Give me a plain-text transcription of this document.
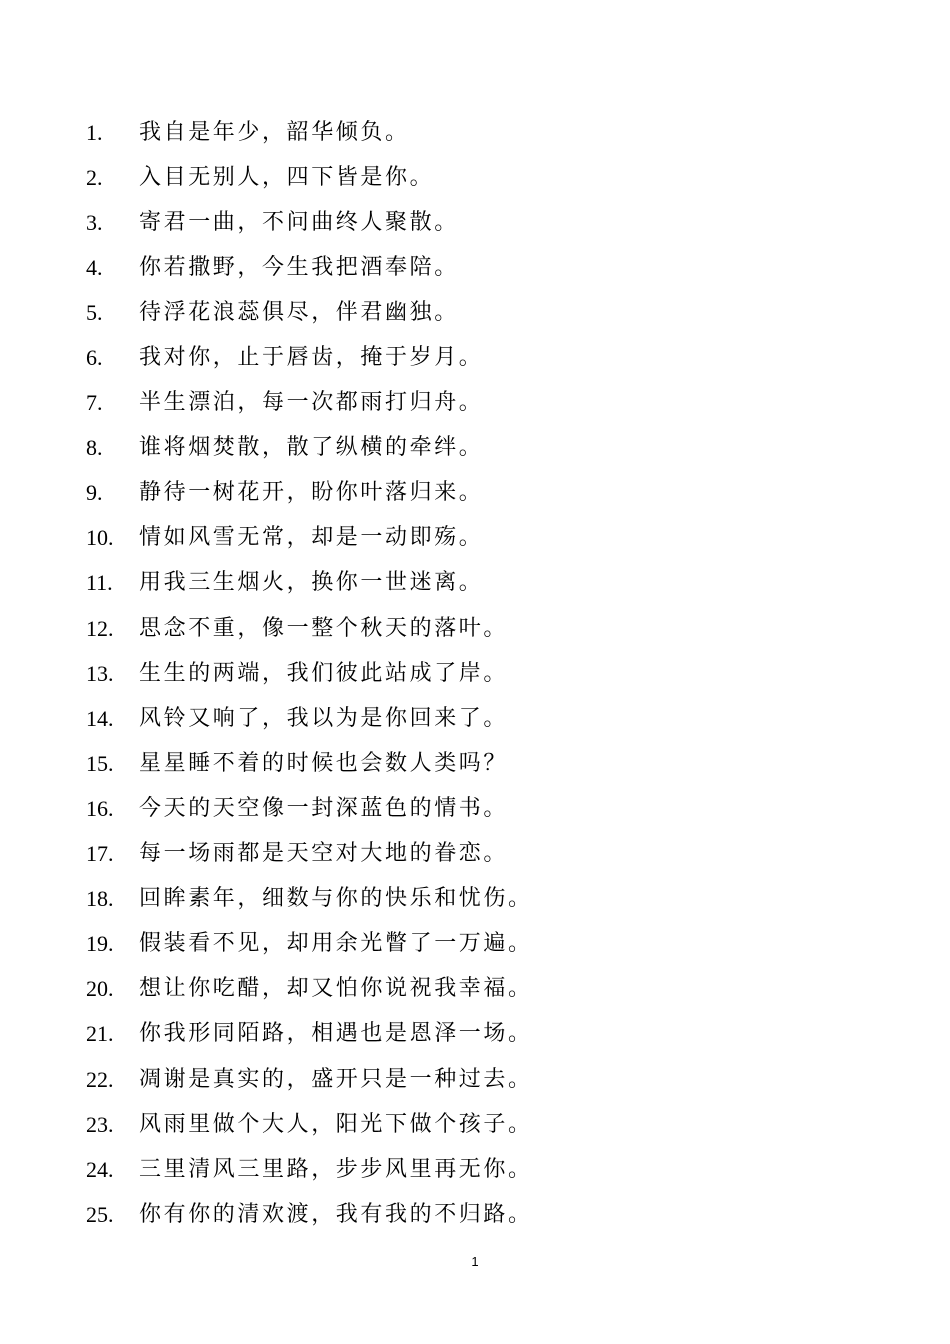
1.	我自是年少，韶华倾负。
2.	入目无别人，四下皆是你。
3.	寄君一曲，不问曲终人聚散。
4.	你若撒野，今生我把酒奉陪。
5.	待浮花浪蕊俱尽，伴君幽独。
6.	我对你，止于唇齿，掩于岁月。
7.	半生漂泊，每一次都雨打归舟。
8.	谁将烟焚散，散了纵横的牵绊。
9.	静待一树花开，盼你叶落归来。
10.	情如风雪无常，却是一动即殇。
11.	用我三生烟火，换你一世迷离。
12.	思念不重，像一整个秋天的落叶。
13.	生生的两端，我们彼此站成了岸。
14.	风铃又响了，我以为是你回来了。
15.	星星睡不着的时候也会数人类吗？
16.	今天的天空像一封深蓝色的情书。
17.	每一场雨都是天空对大地的眷恋。
18.	回眸素年，细数与你的快乐和忧伤。
19.	假装看不见，却用余光瞥了一万遍。
20.	想让你吃醋，却又怕你说祝我幸福。
21.	你我形同陌路，相遇也是恩泽一场。
22.	凋谢是真实的，盛开只是一种过去。
23.	风雨里做个大人，阳光下做个孩子。
24.	三里清风三里路，步步风里再无你。
25.	你有你的清欢渡，我有我的不归路。
1
